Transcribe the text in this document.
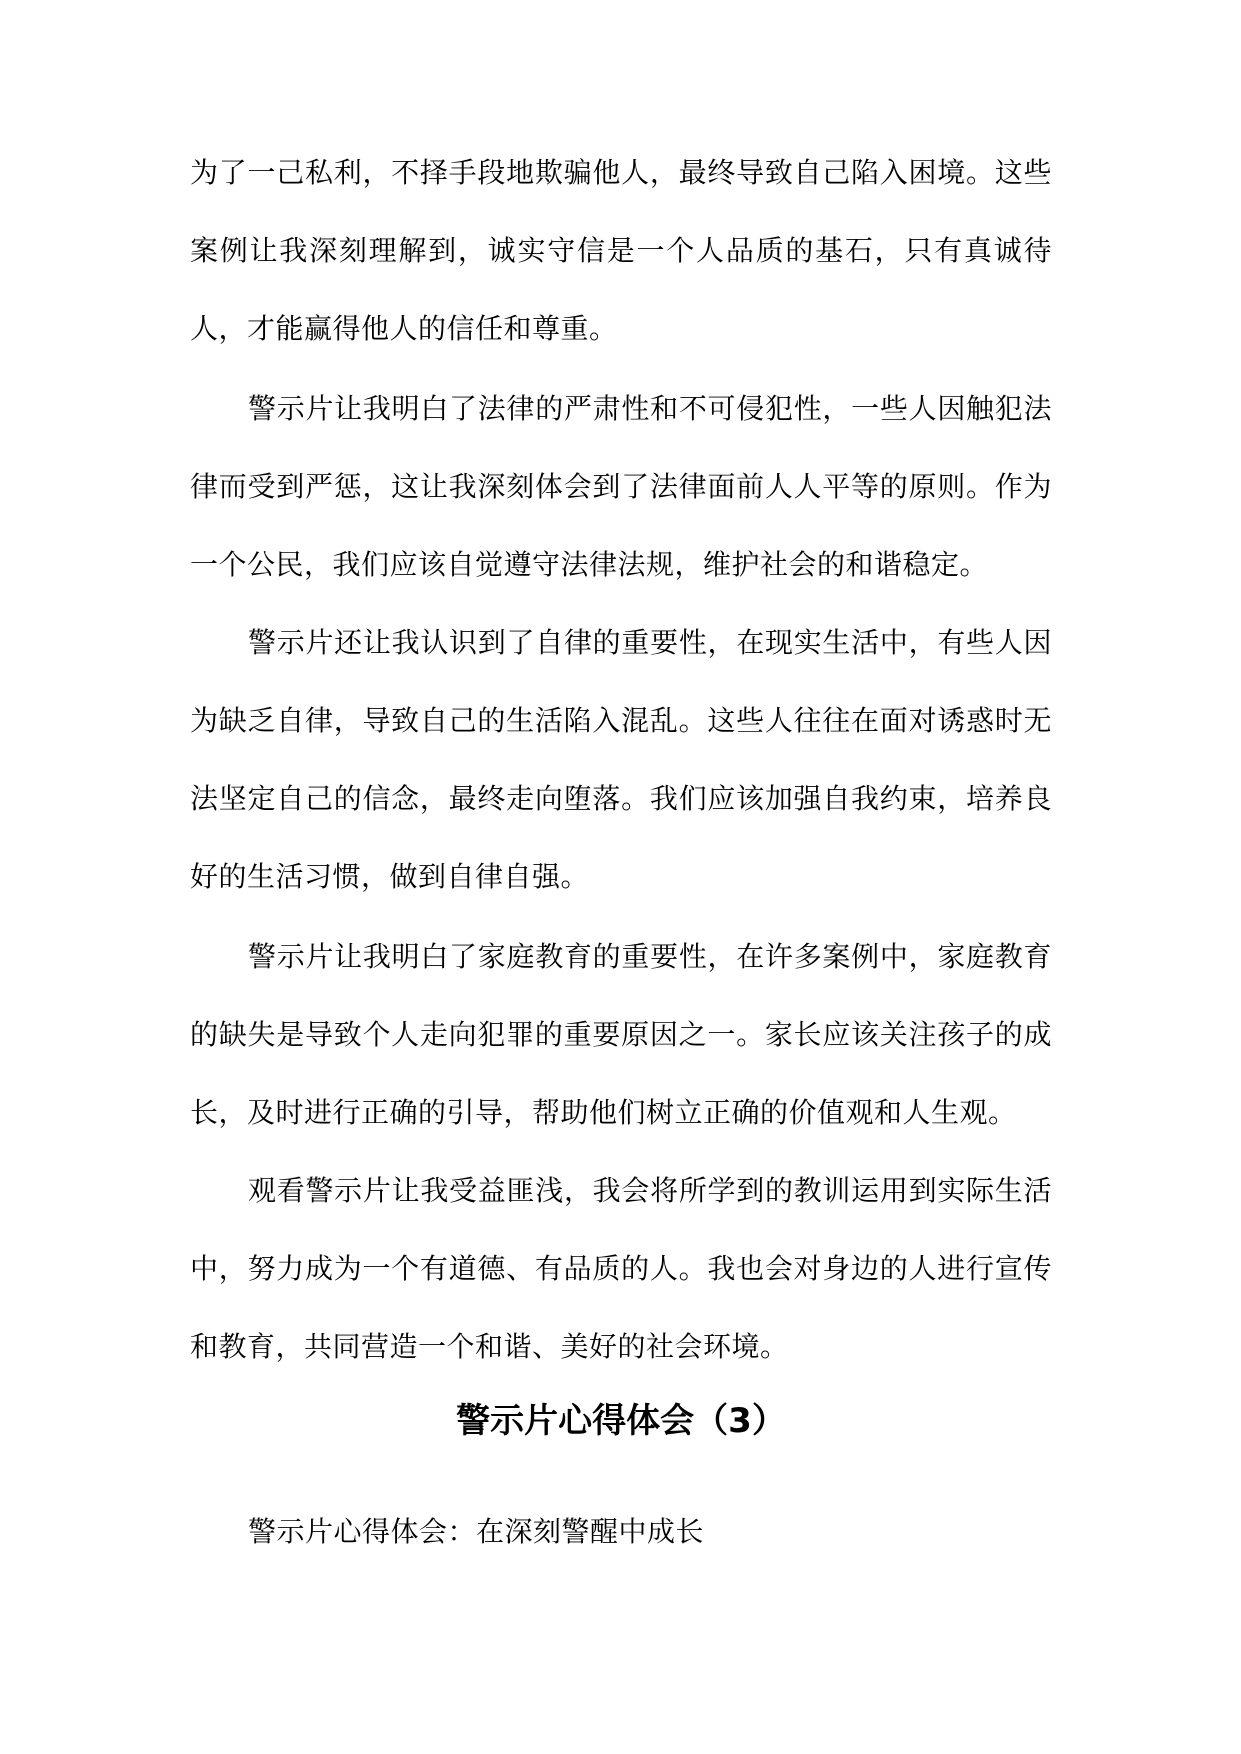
为了一己私利，不择手段地欺骗他人，最终导致自己陷入困境。这些案例让我深刻理解到，诚实守信是一个人品质的基石，只有真诚待人，才能赢得他人的信任和尊重。

警示片让我明白了法律的严肃性和不可侵犯性，一些人因触犯法律而受到严惩，这让我深刻体会到了法律面前人人平等的原则。作为一个公民，我们应该自觉遵守法律法规，维护社会的和谐稳定。

警示片还让我认识到了自律的重要性，在现实生活中，有些人因为缺乏自律，导致自己的生活陷入混乱。这些人往往在面对诱惑时无法坚定自己的信念，最终走向堕落。我们应该加强自我约束，培养良好的生活习惯，做到自律自强。

警示片让我明白了家庭教育的重要性，在许多案例中，家庭教育的缺失是导致个人走向犯罪的重要原因之一。家长应该关注孩子的成长，及时进行正确的引导，帮助他们树立正确的价值观和人生观。

观看警示片让我受益匪浅，我会将所学到的教训运用到实际生活中，努力成为一个有道德、有品质的人。我也会对身边的人进行宣传和教育，共同营造一个和谐、美好的社会环境。

警示片心得体会（3）

警示片心得体会：在深刻警醒中成长
